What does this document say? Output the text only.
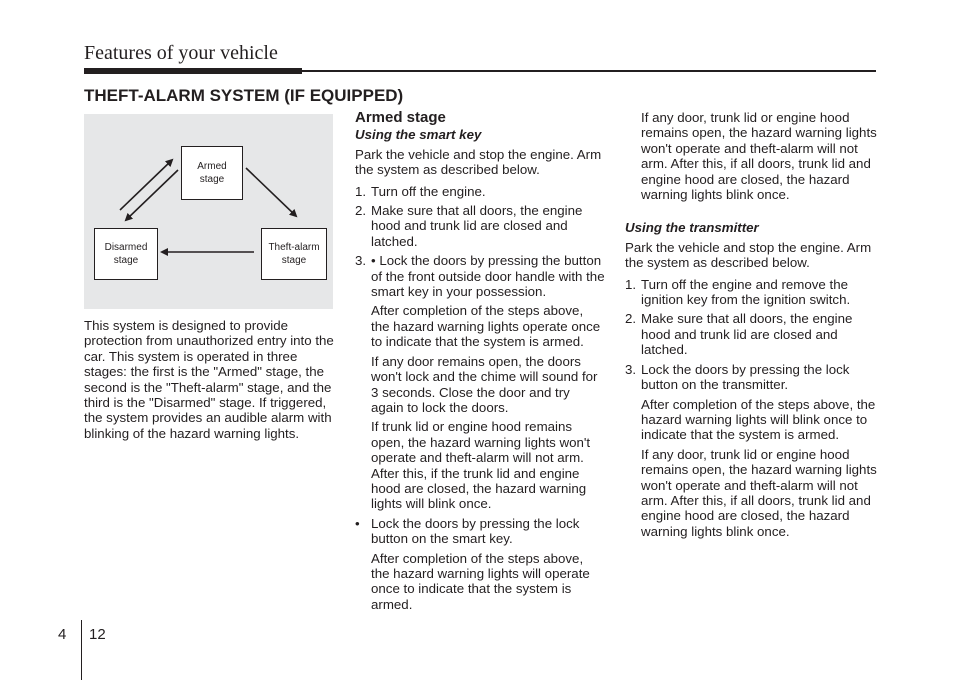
Features of your vehicle
THEFT-ALARM SYSTEM (IF EQUIPPED)
Armed
stage
Disarmed
stage
Theft-alarm
stage

This system is designed to provide protection from unauthorized entry into the car. This system is operated in three stages: the first is the "Armed" stage, the second is the "Theft-alarm" stage, and the third is the "Disarmed" stage. If triggered, the system provides an audible alarm with blinking of the hazard warning lights.

Armed stage
Using the smart key

Park the vehicle and stop the engine. Arm the system as described below.

1. Turn off the engine.
2. Make sure that all doors, the engine hood and trunk lid are closed and latched.
3. • Lock the doors by pressing the button of the front outside door handle with the smart key in your possession.
After completion of the steps above, the hazard warning lights operate once to indicate that the system is armed.
If any door remains open, the doors won't lock and the chime will sound for 3 seconds. Close the door and try again to lock the doors.
If trunk lid or engine hood remains open, the hazard warning lights won't operate and theft-alarm will not arm. After this, if the trunk lid and engine hood are closed, the hazard warning lights will blink once.
• Lock the doors by pressing the lock button on the smart key.
After completion of the steps above, the hazard warning lights will operate once to indicate that the system is armed.
If any door, trunk lid or engine hood remains open, the hazard warning lights won't operate and theft-alarm will not arm. After this, if all doors, trunk lid and engine hood are closed, the hazard warning lights blink once.
Using the transmitter

Park the vehicle and stop the engine. Arm the system as described below.

1. Turn off the engine and remove the ignition key from the ignition switch.
2. Make sure that all doors, the engine hood and trunk lid are closed and latched.
3. Lock the doors by pressing the lock button on the transmitter.
After completion of the steps above, the hazard warning lights will blink once to indicate that the system is armed.
If any door, trunk lid or engine hood remains open, the hazard warning lights won't operate and theft-alarm will not arm. After this, if all doors, trunk lid and engine hood are closed, the hazard warning lights blink once.
4 12
